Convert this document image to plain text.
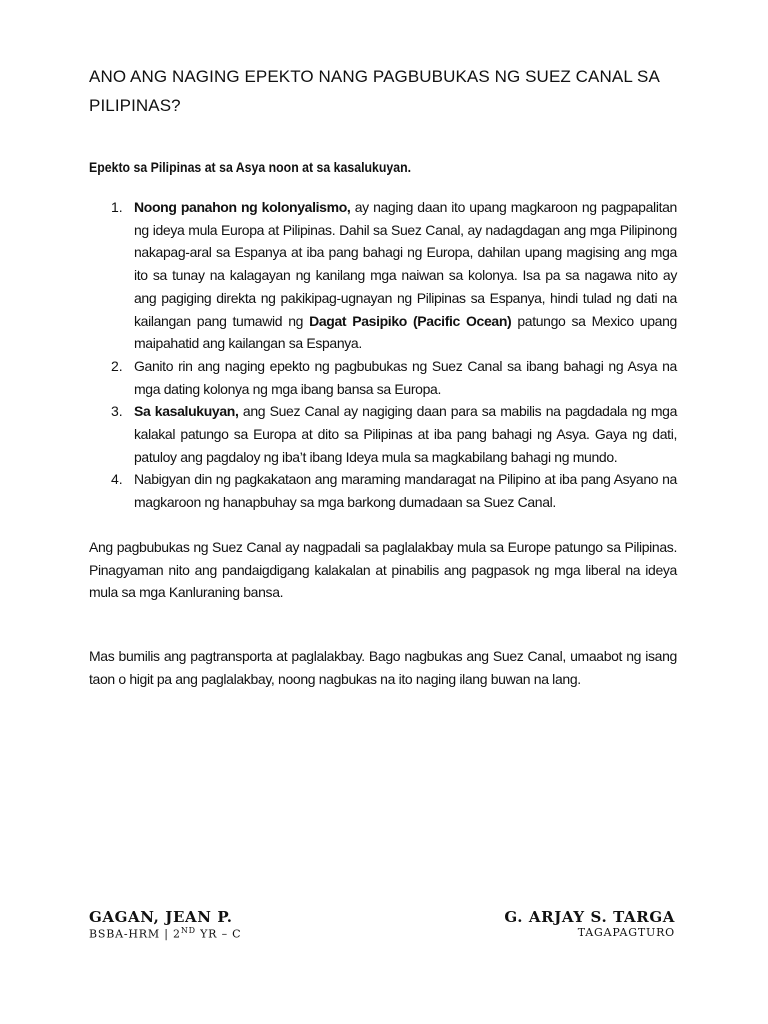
ANO ANG NAGING EPEKTO NANG PAGBUBUKAS NG SUEZ CANAL SA PILIPINAS?

Epekto sa Pilipinas at sa Asya noon at sa kasalukuyan.

1. Noong panahon ng kolonyalismo, ay naging daan ito upang magkaroon ng pagpapalitan ng ideya mula Europa at Pilipinas. Dahil sa Suez Canal, ay nadagdagan ang mga Pilipinong nakapag-aral sa Espanya at iba pang bahagi ng Europa, dahilan upang magising ang mga ito sa tunay na kalagayan ng kanilang mga naiwan sa kolonya. Isa pa sa nagawa nito ay ang pagiging direkta ng pakikipag-ugnayan ng Pilipinas sa Espanya, hindi tulad ng dati na kailangan pang tumawid ng Dagat Pasipiko (Pacific Ocean) patungo sa Mexico upang maipahatid ang kailangan sa Espanya.
2. Ganito rin ang naging epekto ng pagbubukas ng Suez Canal sa ibang bahagi ng Asya na mga dating kolonya ng mga ibang bansa sa Europa.
3. Sa kasalukuyan, ang Suez Canal ay nagiging daan para sa mabilis na pagdadala ng mga kalakal patungo sa Europa at dito sa Pilipinas at iba pang bahagi ng Asya. Gaya ng dati, patuloy ang pagdaloy ng iba’t ibang Ideya mula sa magkabilang bahagi ng mundo.
4. Nabigyan din ng pagkakataon ang maraming mandaragat na Pilipino at iba pang Asyano na magkaroon ng hanapbuhay sa mga barkong dumadaan sa Suez Canal.

Ang pagbubukas ng Suez Canal ay nagpadali sa paglalakbay mula sa Europe patungo sa Pilipinas. Pinagyaman nito ang pandaigdigang kalakalan at pinabilis ang pagpasok ng mga liberal na ideya mula sa mga Kanluraning bansa.

Mas bumilis ang pagtransporta at paglalakbay. Bago nagbukas ang Suez Canal, umaabot ng isang taon o higit pa ang paglalakbay, noong nagbukas na ito naging ilang buwan na lang.

GAGAN, JEAN P.
BSBA-HRM | 2ND YR – C
G. ARJAY S. TARGA
TAGAPAGTURO
